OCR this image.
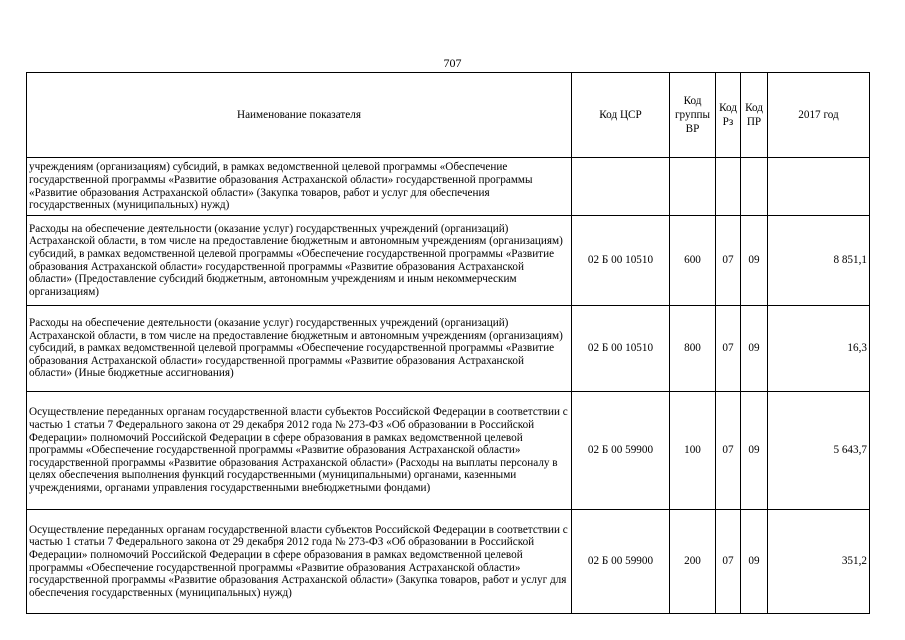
707
Наименование показателя	Код ЦСР	Код группы ВР	Код Рз	Код ПР	2017 год
учреждениям (организациям) субсидий, в рамках ведомственной целевой программы «Обеспечение государственной программы «Развитие образования Астраханской области» государственной программы «Развитие образования Астраханской области» (Закупка товаров, работ и услуг для обеспечения государственных (муниципальных) нужд)					
Расходы на обеспечение деятельности (оказание услуг) государственных учреждений (организаций) Астраханской области, в том числе на предоставление бюджетным и автономным учреждениям (организациям) субсидий, в рамках ведомственной целевой программы «Обеспечение государственной программы «Развитие образования Астраханской области» государственной программы «Развитие образования Астраханской области» (Предоставление субсидий бюджетным, автономным учреждениям и иным некоммерческим организациям)	02 Б 00 10510	600	07	09	8 851,1
Расходы на обеспечение деятельности (оказание услуг) государственных учреждений (организаций) Астраханской области, в том числе на предоставление бюджетным и автономным учреждениям (организациям) субсидий, в рамках ведомственной целевой программы «Обеспечение государственной программы «Развитие образования Астраханской области» государственной программы «Развитие образования Астраханской области» (Иные бюджетные ассигнования)	02 Б 00 10510	800	07	09	16,3
Осуществление переданных органам государственной власти субъектов Российской Федерации в соответствии с частью 1 статьи 7 Федерального закона от 29 декабря 2012 года № 273-ФЗ «Об образовании в Российской Федерации» полномочий Российской Федерации в сфере образования в рамках ведомственной целевой программы «Обеспечение государственной программы «Развитие образования Астраханской области» государственной программы «Развитие образования Астраханской области» (Расходы на выплаты персоналу в целях обеспечения выполнения функций государственными (муниципальными) органами, казенными учреждениями, органами управления государственными внебюджетными фондами)	02 Б 00 59900	100	07	09	5 643,7
Осуществление переданных органам государственной власти субъектов Российской Федерации в соответствии с частью 1 статьи 7 Федерального закона от 29 декабря 2012 года № 273-ФЗ «Об образовании в Российской Федерации» полномочий Российской Федерации в сфере образования в рамках ведомственной целевой программы «Обеспечение государственной программы «Развитие образования Астраханской области» государственной программы «Развитие образования Астраханской области» (Закупка товаров, работ и услуг для обеспечения государственных (муниципальных) нужд)	02 Б 00 59900	200	07	09	351,2
